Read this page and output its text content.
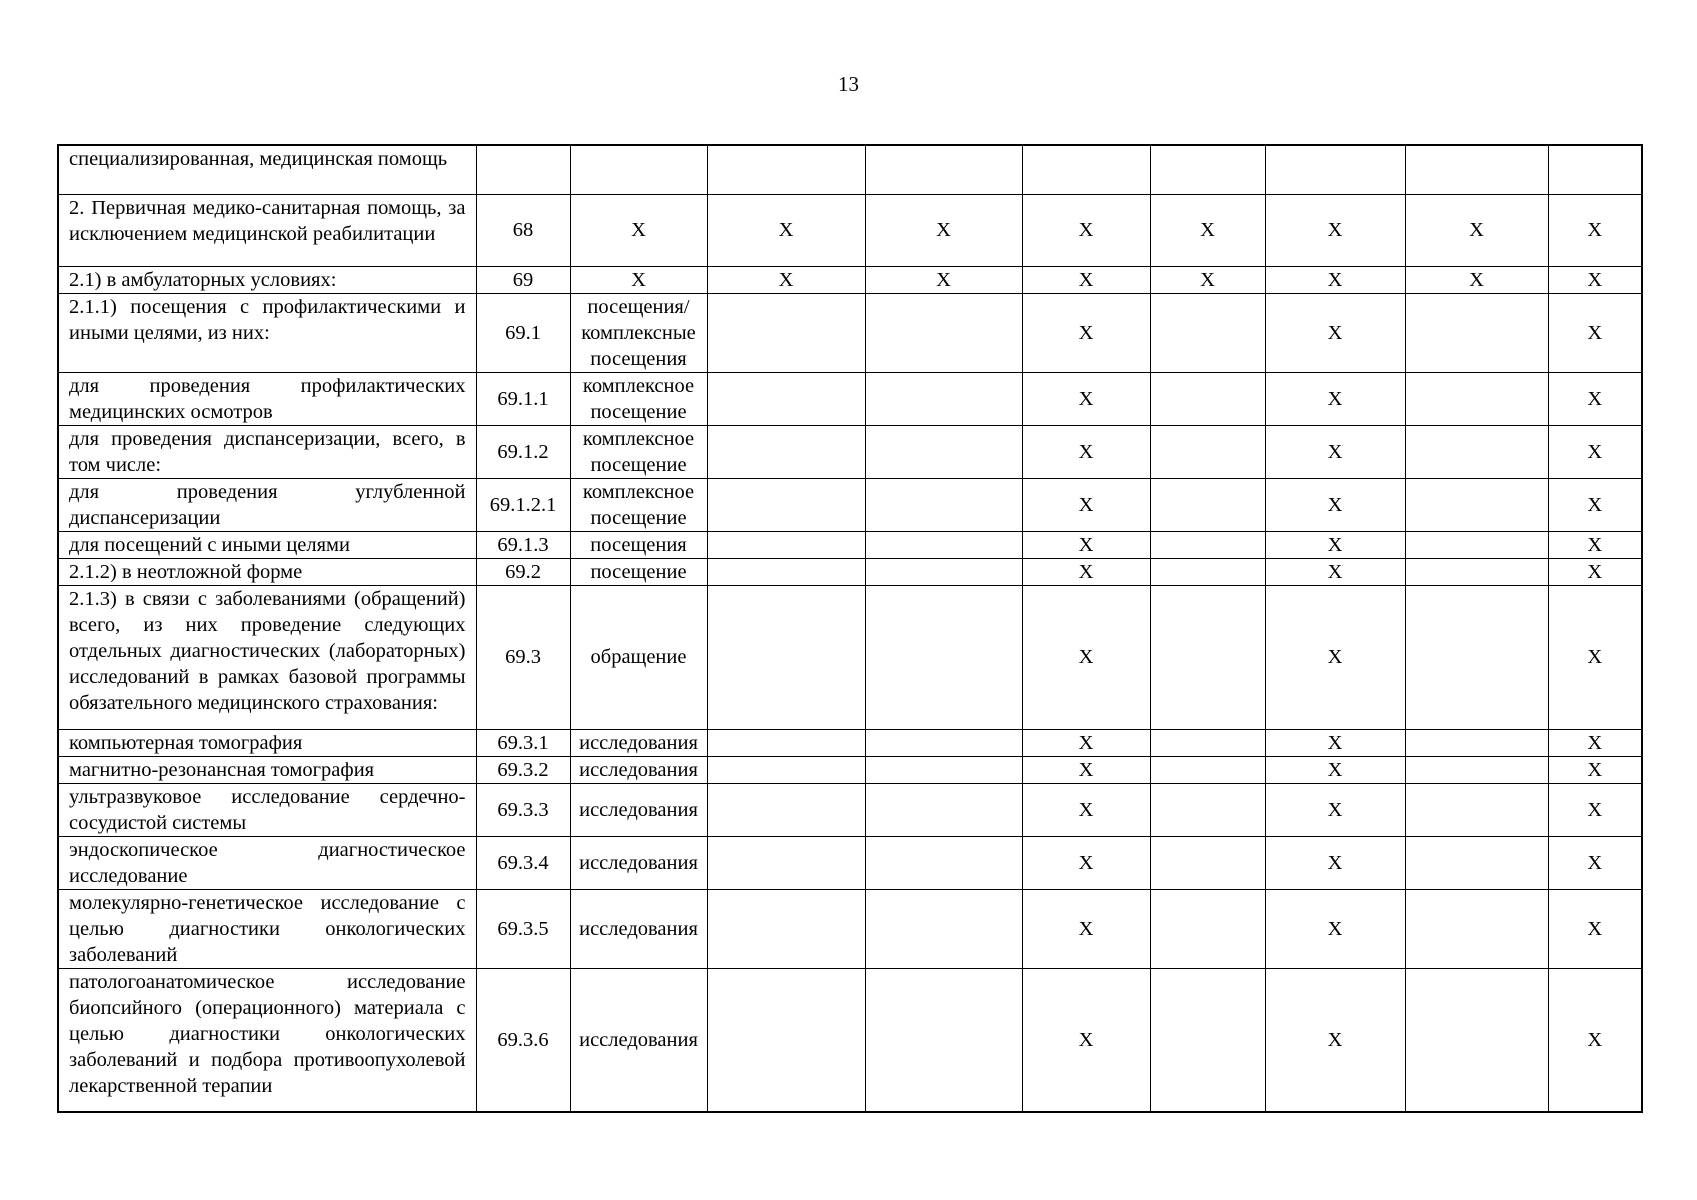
13
специализированная, медицинская помощь									
2. Первичная медико-санитарная помощь, за исключением медицинской реабилитации	68	X	X	X	X	X	X	X	X
2.1) в амбулаторных условиях:	69	X	X	X	X	X	X	X	X
2.1.1) посещения с профилактическими и иными целями, из них:	69.1	посещения/ комплексные посещения			X		X		X
для проведения профилактических медицинских осмотров	69.1.1	комплексное посещение			X		X		X
для проведения диспансеризации, всего, в том числе:	69.1.2	комплексное посещение			X		X		X
для проведения углубленной диспансеризации	69.1.2.1	комплексное посещение			X		X		X
для посещений с иными целями	69.1.3	посещения			X		X		X
2.1.2) в неотложной форме	69.2	посещение			X		X		X
2.1.3) в связи с заболеваниями (обращений) всего, из них проведение следующих отдельных диагностических (лабораторных) исследований в рамках базовой программы обязательного медицинского страхования:	69.3	обращение			X		X		X
компьютерная томография	69.3.1	исследования			X		X		X
магнитно-резонансная томография	69.3.2	исследования			X		X		X
ультразвуковое исследование сердечно-сосудистой системы	69.3.3	исследования			X		X		X
эндоскопическое диагностическое исследование	69.3.4	исследования			X		X		X
молекулярно-генетическое исследование с целью диагностики онкологических заболеваний	69.3.5	исследования			X		X		X
патологоанатомическое исследование биопсийного (операционного) материала с целью диагностики онкологических заболеваний и подбора противоопухолевой лекарственной терапии	69.3.6	исследования			X		X		X
